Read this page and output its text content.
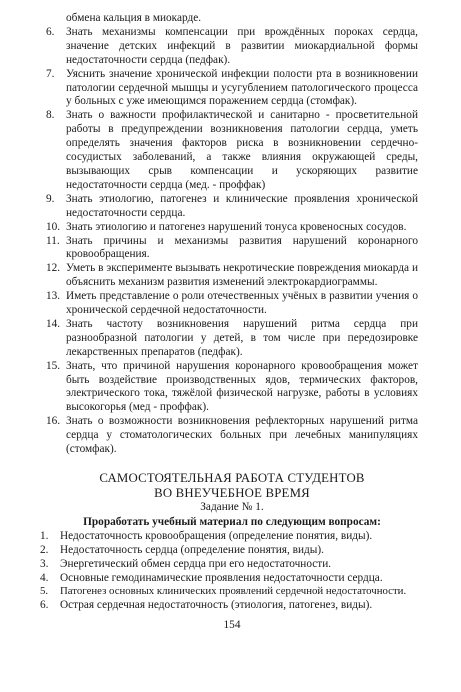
обмена кальция в миокарде.
6.	Знать механизмы компенсации при врождённых пороках сердца, значение детских инфекций в развитии миокардиальной формы недостаточности сердца (педфак).
7.	Уяснить значение хронической инфекции полости рта в возникновении патологии сердечной мышцы и усугублением патологического процесса у больных с уже имеющимся поражением сердца (стомфак).
8.	Знать о важности профилактической и санитарно - просветительной работы в предупреждении возникновения патологии сердца, уметь определять значения факторов риска в возникновении сердечно-сосудистых заболеваний, а также влияния окружающей среды, вызывающих срыв компенсации и ускоряющих развитие недостаточности сердца (мед. - проффак)
9.	Знать этиологию, патогенез и клинические проявления хронической недостаточности сердца.
10. Знать этиологию и патогенез нарушений тонуса кровеносных сосудов.
11. Знать причины и механизмы развития нарушений коронарного кровообращения.
12. Уметь в эксперименте вызывать некротические повреждения миокарда и объяснить механизм развития изменений электрокардиограммы.
13. Иметь представление о роли отечественных учёных в развитии учения о хронической сердечной недостаточности.
14. Знать частоту возникновения нарушений ритма сердца при разнообразной патологии у детей, в том числе при передозировке лекарственных препаратов (педфак).
15. Знать, что причиной нарушения коронарного кровообращения может быть воздействие производственных ядов, термических факторов, электрического тока, тяжёлой физической нагрузке, работы в условиях высокогорья (мед - проффак).
16. Знать о возможности возникновения рефлекторных нарушений ритма сердца у стоматологических больных при лечебных манипуляциях (стомфак).
САМОСТОЯТЕЛЬНАЯ РАБОТА СТУДЕНТОВ
ВО ВНЕУЧЕБНОЕ ВРЕМЯ
Задание № 1.
Проработать учебный материал по следующим вопросам:
1.	Недостаточность кровообращения (определение понятия, виды).
2.	Недостаточность сердца (определение понятия, виды).
3.	Энергетический обмен сердца при его недостаточности.
4.	Основные гемодинамические проявления недостаточности сердца.
5.	Патогенез основных клинических проявлений сердечной недостаточности.
6.	Острая сердечная недостаточность (этиология, патогенез, виды).
154
